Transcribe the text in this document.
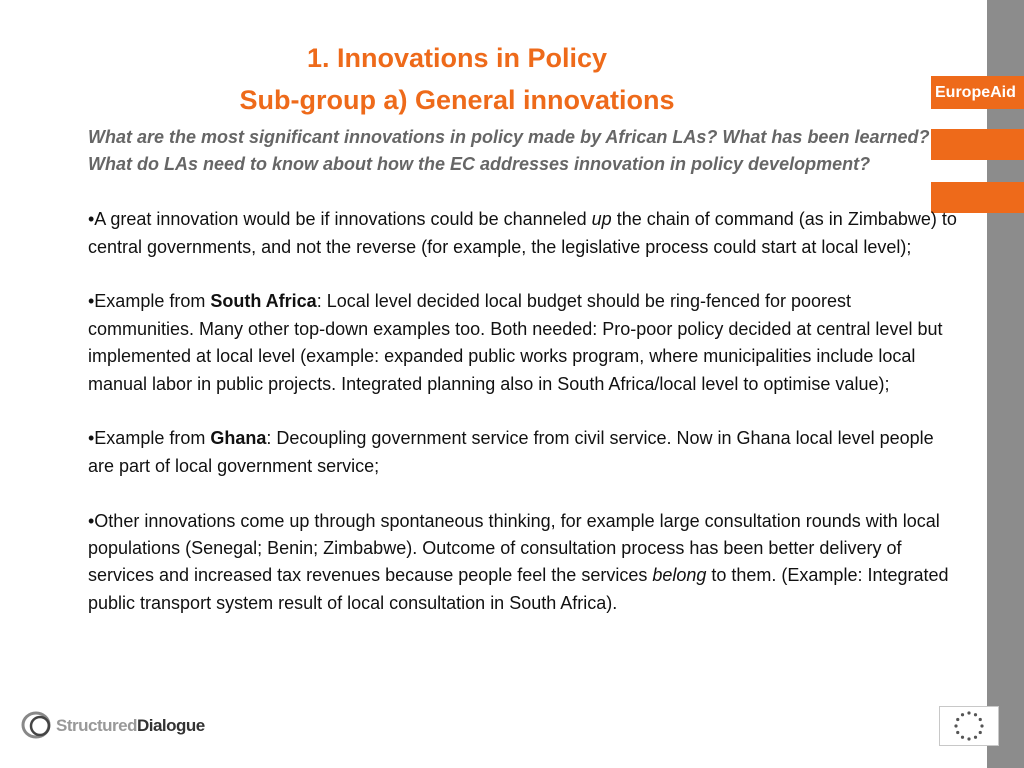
EuropeAid
1. Innovations in Policy
Sub-group a) General innovations

What are the most significant innovations in policy made by African LAs? What has been learned? What do LAs need to know about how the EC addresses innovation in policy development?

•A great innovation would be if innovations could be channeled up the chain of command (as in Zimbabwe) to central governments, and not the reverse (for example, the legislative process could start at local level);

•Example from South Africa: Local level decided local budget should be ring-fenced for poorest communities. Many other top-down examples too. Both needed: Pro-poor policy decided at central level but implemented at local level (example: expanded public works program, where municipalities include local manual labor in public projects. Integrated planning also in South Africa/local level to optimise value);

•Example from Ghana: Decoupling government service from civil service. Now in Ghana local level people are part of local government service;

•Other innovations come up through spontaneous thinking, for example large consultation rounds with local populations (Senegal; Benin; Zimbabwe). Outcome of consultation process has been better delivery of services and increased tax revenues because people feel the services belong to them. (Example: Integrated public transport system result of local consultation in South Africa).

StructuredDialogue
